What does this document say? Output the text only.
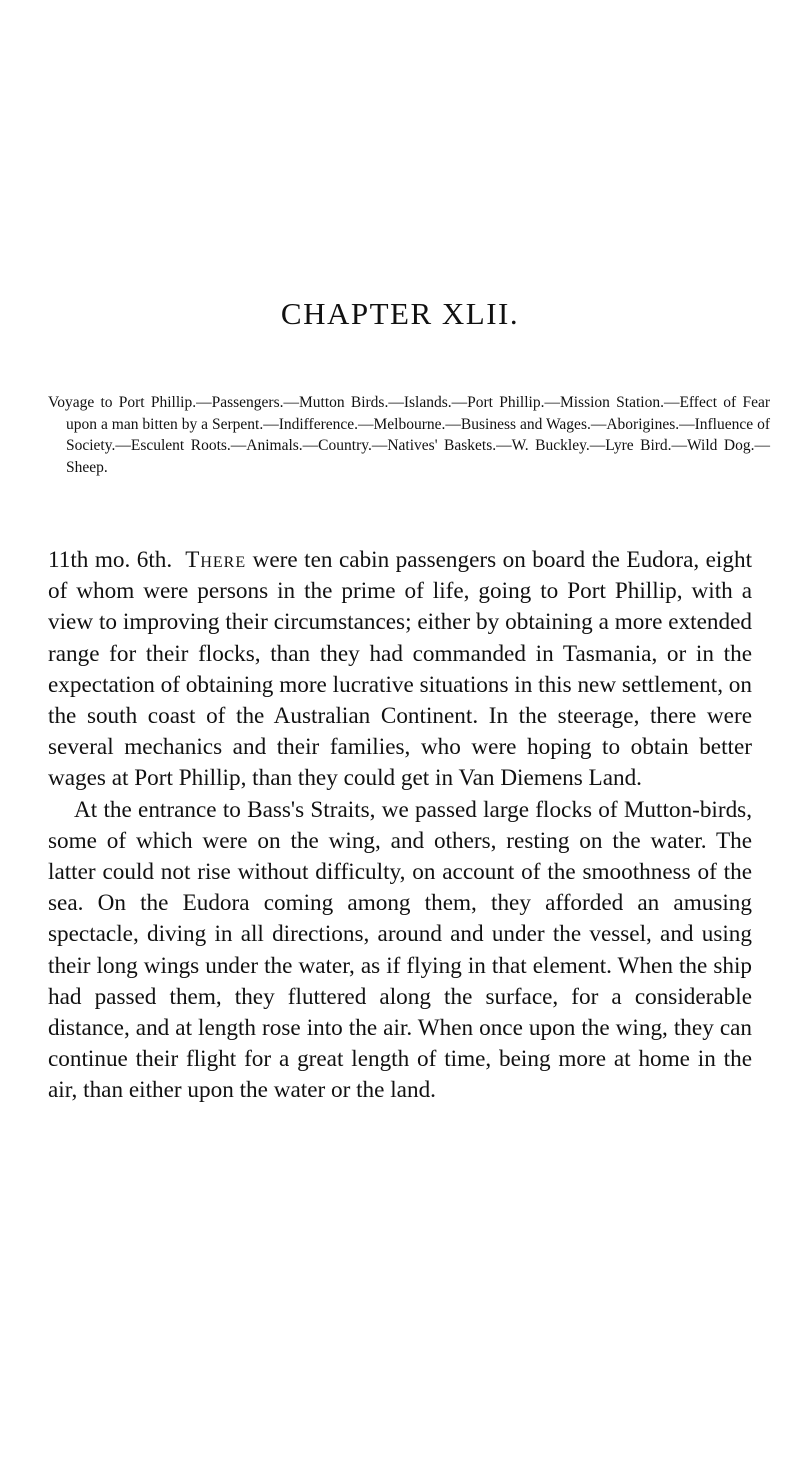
CHAPTER XLII.

Voyage to Port Phillip.—Passengers.—Mutton Birds.—Islands.—Port Phillip.—Mission Station.—Effect of Fear upon a man bitten by a Serpent.—Indifference.—Melbourne.—Business and Wages.—Aborigines.—Influence of Society.—Esculent Roots.—Animals.—Country.—Natives' Baskets.—W. Buckley.—Lyre Bird.—Wild Dog.—Sheep.

11th mo. 6th. There were ten cabin passengers on board the Eudora, eight of whom were persons in the prime of life, going to Port Phillip, with a view to improving their circumstances; either by obtaining a more extended range for their flocks, than they had commanded in Tasmania, or in the expectation of obtaining more lucrative situations in this new settlement, on the south coast of the Australian Continent. In the steerage, there were several mechanics and their families, who were hoping to obtain better wages at Port Phillip, than they could get in Van Diemens Land.

At the entrance to Bass's Straits, we passed large flocks of Mutton-birds, some of which were on the wing, and others, resting on the water. The latter could not rise without difficulty, on account of the smoothness of the sea. On the Eudora coming among them, they afforded an amusing spectacle, diving in all directions, around and under the vessel, and using their long wings under the water, as if flying in that element. When the ship had passed them, they fluttered along the surface, for a considerable distance, and at length rose into the air. When once upon the wing, they can continue their flight for a great length of time, being more at home in the air, than either upon the water or the land.
